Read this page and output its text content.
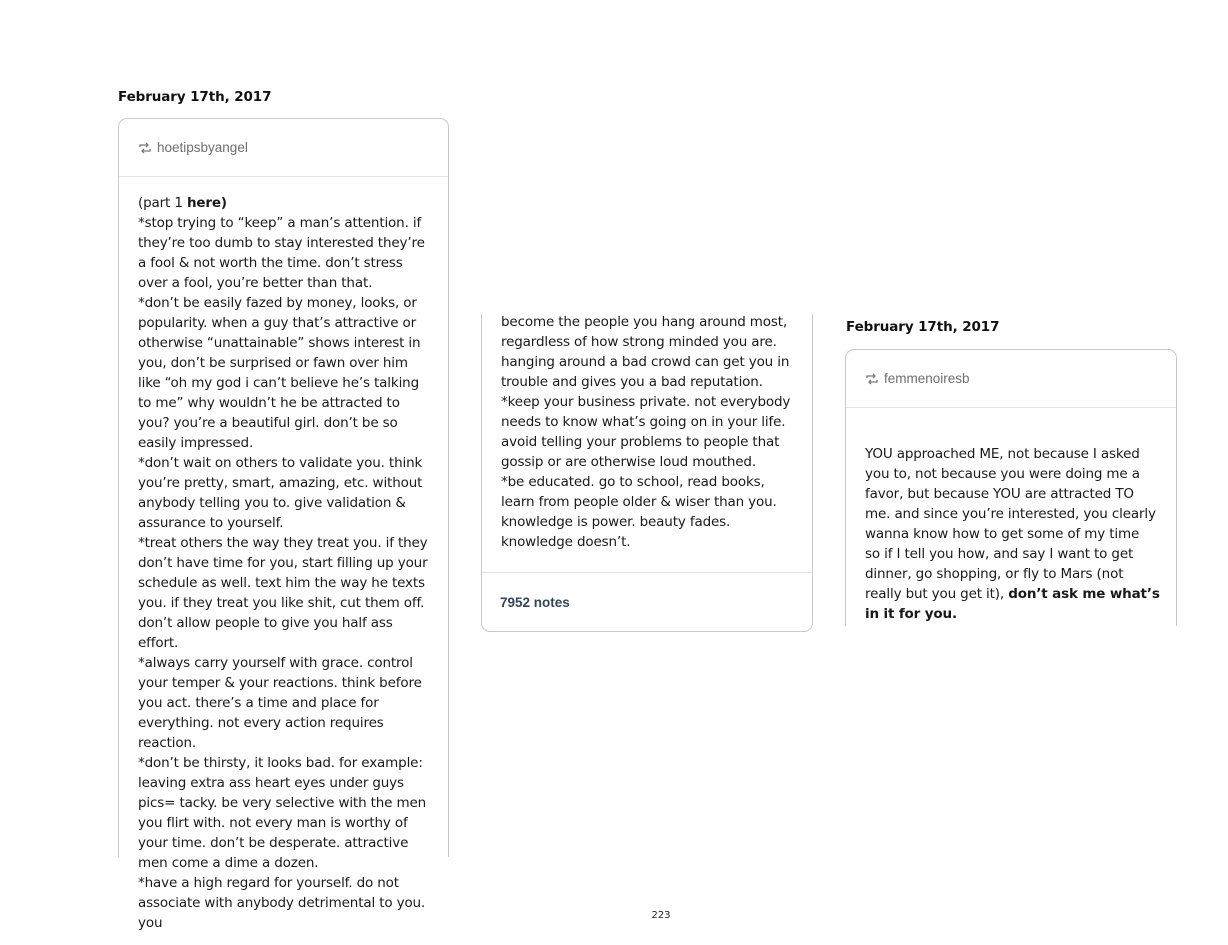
February 17th, 2017
hoetipsbyangel

(part 1 here)

*stop trying to “keep” a man’s attention. if they’re too dumb to stay interested they’re a fool & not worth the time. don’t stress over a fool, you’re better than that.

*don’t be easily fazed by money, looks, or popularity. when a guy that’s attractive or otherwise “unattainable” shows interest in you, don’t be surprised or fawn over him like “oh my god i can’t believe he’s talking to me” why wouldn’t he be attracted to you? you’re a beautiful girl. don’t be so easily impressed.

*don’t wait on others to validate you. think you’re pretty, smart, amazing, etc. without anybody telling you to. give validation & assurance to yourself.

*treat others the way they treat you. if they don’t have time for you, start filling up your schedule as well. text him the way he texts you. if they treat you like shit, cut them off. don’t allow people to give you half ass effort.

*always carry yourself with grace. control your temper & your reactions. think before you act. there’s a time and place for everything. not every action requires reaction.

*don’t be thirsty, it looks bad. for example: leaving extra ass heart eyes under guys pics= tacky. be very selective with the men you flirt with. not every man is worthy of your time. don’t be desperate. attractive men come a dime a dozen.

*have a high regard for yourself. do not associate with anybody detrimental to you. you

become the people you hang around most, regardless of how strong minded you are. hanging around a bad crowd can get you in trouble and gives you a bad reputation.

*keep your business private. not everybody needs to know what’s going on in your life. avoid telling your problems to people that gossip or are otherwise loud mouthed.

*be educated. go to school, read books, learn from people older & wiser than you. knowledge is power. beauty fades. knowledge doesn’t.

7952 notes
February 17th, 2017
femmenoiresb

YOU approached ME, not because I asked you to, not because you were doing me a favor, but because YOU are attracted TO me. and since you’re interested, you clearly wanna know how to get some of my time

so if I tell you how, and say I want to get dinner, go shopping, or fly to Mars (not really but you get it), don’t ask me what’s in it for you.

223
